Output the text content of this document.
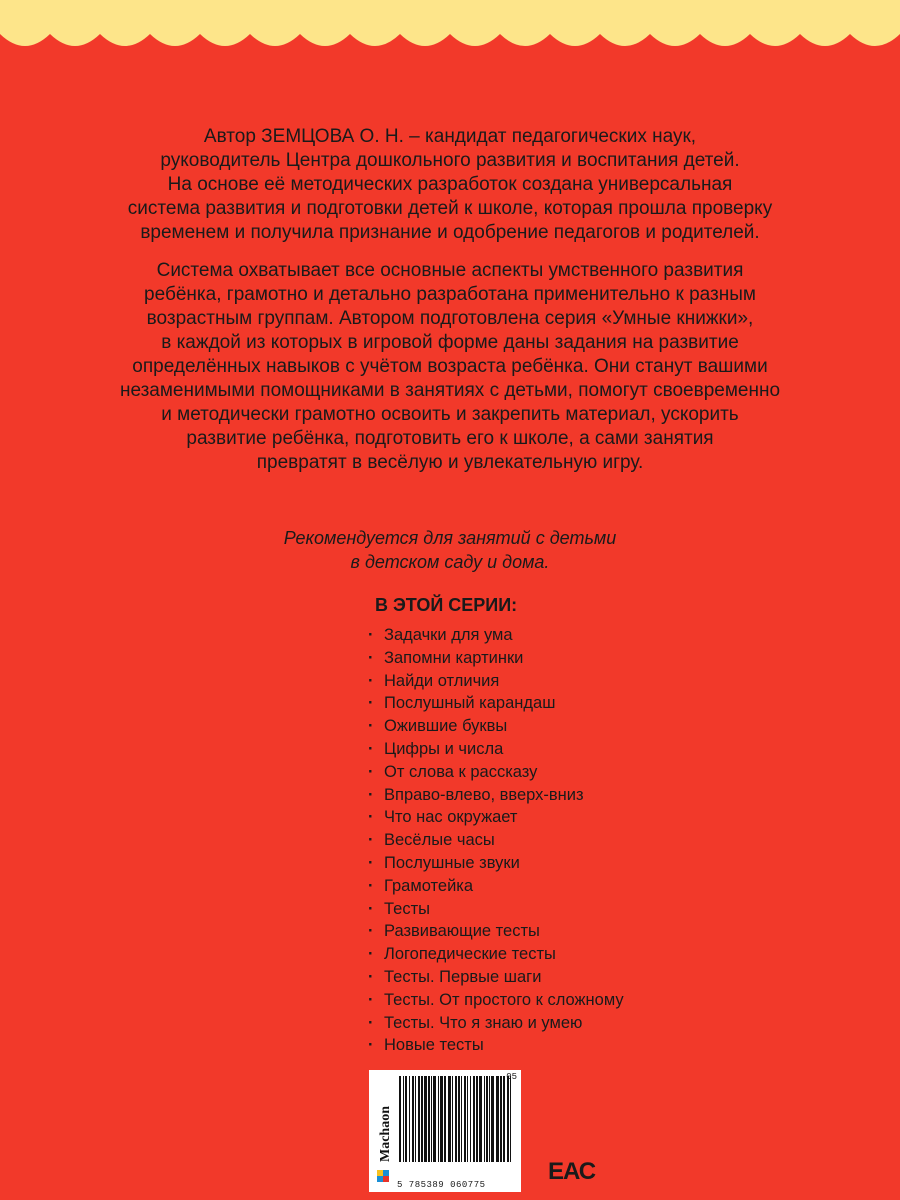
Автор ЗЕМЦОВА О. Н. – кандидат педагогических наук,
руководитель Центра дошкольного развития и воспитания детей.
На основе её методических разработок создана универсальная
система развития и подготовки детей к школе, которая прошла проверку
временем и получила признание и одобрение педагогов и родителей.

Система охватывает все основные аспекты умственного развития
ребёнка, грамотно и детально разработана применительно к разным
возрастным группам. Автором подготовлена серия «Умные книжки»,
в каждой из которых в игровой форме даны задания на развитие
определённых навыков с учётом возраста ребёнка. Они станут вашими
незаменимыми помощниками в занятиях с детьми, помогут своевременно
и методически грамотно освоить и закрепить материал, ускорить
развитие ребёнка, подготовить его к школе, а сами занятия
превратят в весёлую и увлекательную игру.

Рекомендуется для занятий с детьми
в детском саду и дома.
В ЭТОЙ СЕРИИ:
· Задачки для ума
· Запомни картинки
· Найди отличия
· Послушный карандаш
· Ожившие буквы
· Цифры и числа
· От слова к рассказу
· Вправо-влево, вверх-вниз
· Что нас окружает
· Весёлые часы
· Послушные звуки
· Грамотейка
· Тесты
· Развивающие тесты
· Логопедические тесты
· Тесты. Первые шаги
· Тесты. От простого к сложному
· Тесты. Что я знаю и умею
· Новые тесты
Machaon
05
5 785389 060775	ЕАС
